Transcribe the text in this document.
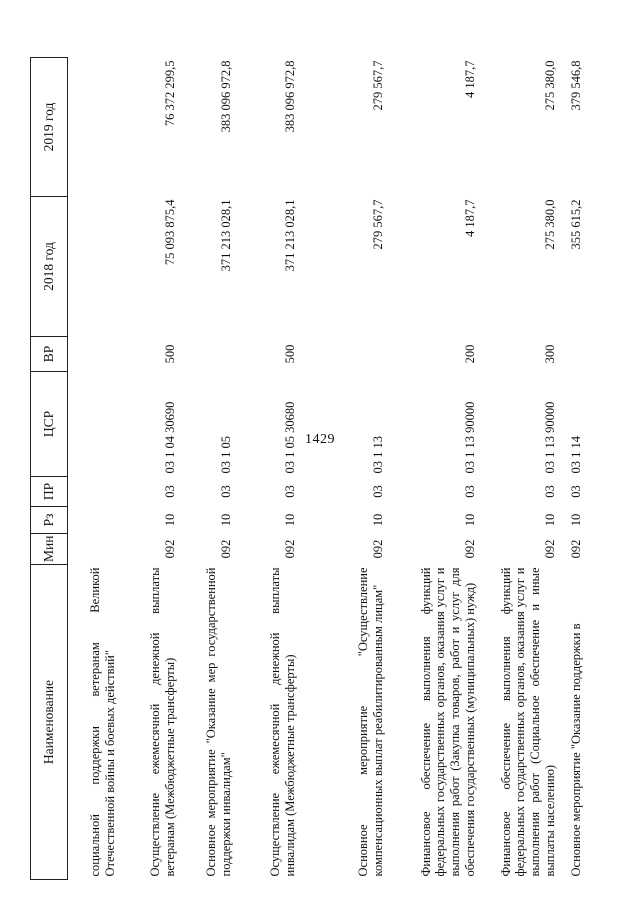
1429
Наименование	Мин	Рз	ПР	ЦСР	ВР	2018 год	2019 год
социальной поддержки ветеранам Великой Отечественной войны и боевых действий"							
Осуществление ежемесячной денежной выплаты ветеранам (Межбюджетные трансферты)	092	10	03	03 1 04 30690	500	75 093 875,4	76 372 299,5
Основное мероприятие "Оказание мер государственной поддержки инвалидам"	092	10	03	03 1 05		371 213 028,1	383 096 972,8
Осуществление ежемесячной денежной выплаты инвалидам (Межбюджетные трансферты)	092	10	03	03 1 05 30680	500	371 213 028,1	383 096 972,8
Основное мероприятие "Осуществление компенсационных выплат реабилитированным лицам"	092	10	03	03 1 13		279 567,7	279 567,7
Финансовое обеспечение выполнения функций федеральных государственных органов, оказания услуг и выполнения работ (Закупка товаров, работ и услуг для обеспечения государственных (муниципальных) нужд)	092	10	03	03 1 13 90000	200	4 187,7	4 187,7
Финансовое обеспечение выполнения функций федеральных государственных органов, оказания услуг и выполнения работ (Социальное обеспечение и иные выплаты населению)	092	10	03	03 1 13 90000	300	275 380,0	275 380,0
Основное мероприятие "Оказание поддержки в	092	10	03	03 1 14		355 615,2	379 546,8
